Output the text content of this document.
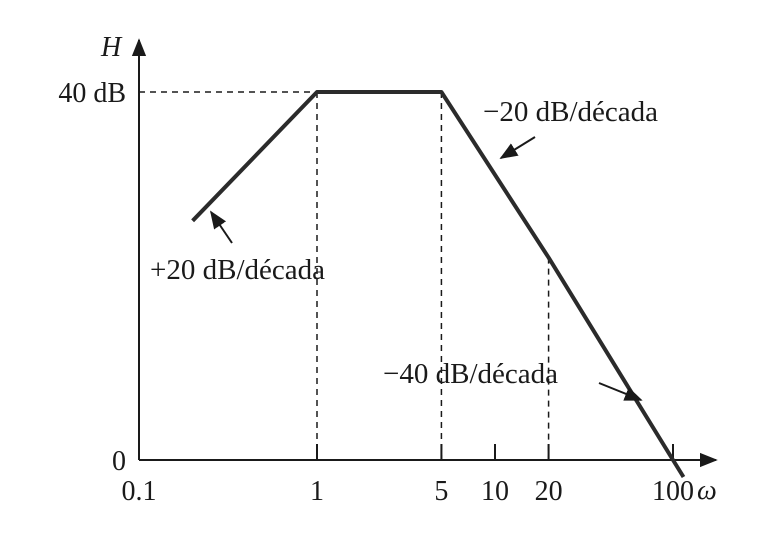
0.1	1	5 10 20	100
0
40 dB
H
ω
+20 dB/década
−20 dB/década
−40 dB/década
